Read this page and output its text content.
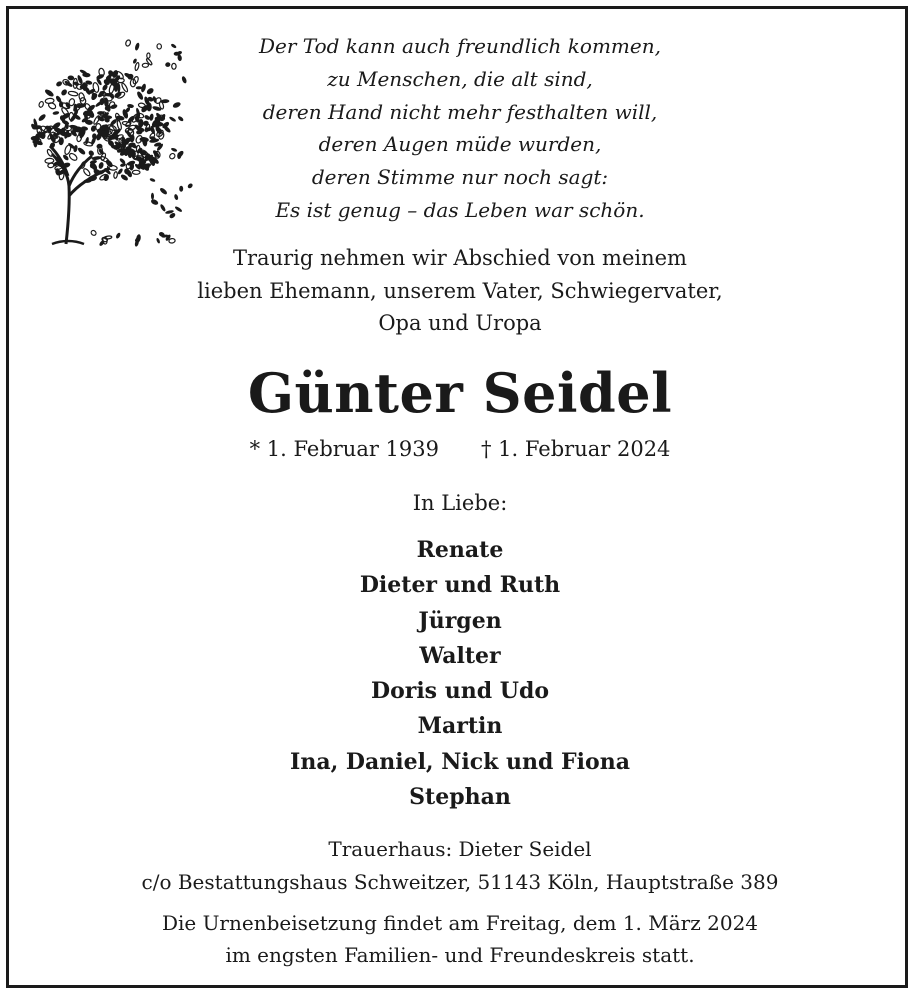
Der Tod kann auch freundlich kommen,
zu Menschen, die alt sind,
deren Hand nicht mehr festhalten will,
deren Augen müde wurden,
deren Stimme nur noch sagt:
Es ist genug – das Leben war schön.
Traurig nehmen wir Abschied von meinem
lieben Ehemann, unserem Vater, Schwiegervater,
Opa und Uropa
Günter Seidel
* 1. Februar 1939 † 1. Februar 2024
In Liebe:
Renate
Dieter und Ruth
Jürgen
Walter
Doris und Udo
Martin
Ina, Daniel, Nick und Fiona
Stephan
Trauerhaus: Dieter Seidel
c/o Bestattungshaus Schweitzer, 51143 Köln, Hauptstraße 389
Die Urnenbeisetzung findet am Freitag, dem 1. März 2024
im engsten Familien- und Freundeskreis statt.
